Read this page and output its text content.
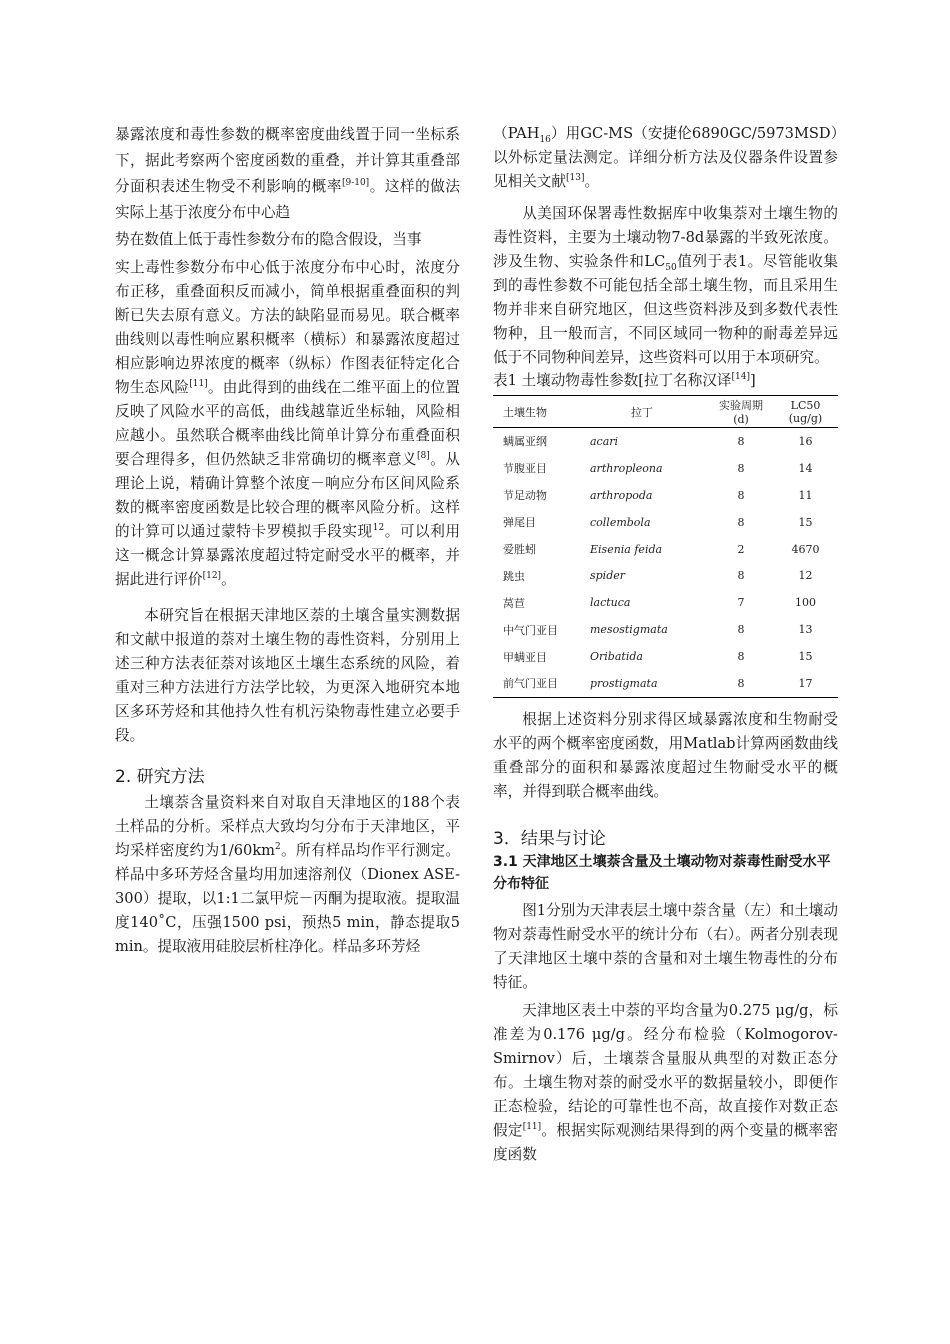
暴露浓度和毒性参数的概率密度曲线置于同一坐标系下，据此考察两个密度函数的重叠，并计算其重叠部分面积表述生物受不利影响的概率[9-10]。这样的做法实际上基于浓度分布中心趋

势在数值上低于毒性参数分布的隐含假设，当事

实上毒性参数分布中心低于浓度分布中心时，浓度分布正移，重叠面积反而减小，简单根据重叠面积的判断已失去原有意义。方法的缺陷显而易见。联合概率曲线则以毒性响应累积概率（横标）和暴露浓度超过相应影响边界浓度的概率（纵标）作图表征特定化合物生态风险[11]。由此得到的曲线在二维平面上的位置反映了风险水平的高低，曲线越靠近坐标轴，风险相应越小。虽然联合概率曲线比简单计算分布重叠面积要合理得多，但仍然缺乏非常确切的概率意义[8]。从理论上说，精确计算整个浓度－响应分布区间风险系数的概率密度函数是比较合理的概率风险分析。这样的计算可以通过蒙特卡罗模拟手段实现$^{12}$。可以利用这一概念计算暴露浓度超过特定耐受水平的概率，并据此进行评价[12]。

本研究旨在根据天津地区萘的土壤含量实测数据和文献中报道的萘对土壤生物的毒性资料，分别用上述三种方法表征萘对该地区土壤生态系统的风险，着重对三种方法进行方法学比较，为更深入地研究本地区多环芳烃和其他持久性有机污染物毒性建立必要手段。

2. 研究方法

土壤萘含量资料来自对取自天津地区的188个表土样品的分析。采样点大致均匀分布于天津地区，平均采样密度约为$1/60km^2$。所有样品均作平行测定。样品中多环芳烃含量均用加速溶剂仪（Dionex ASE-300）提取，以1:1二氯甲烷－丙酮为提取液。提取温度140˚C，压强1500 psi，预热5 min，静态提取5 min。提取液用硅胶层析柱净化。样品多环芳烃

$(PAH_{16})$用GC-MS（安捷伦6890GC/5973MSD）以外标定量法测定。详细分析方法及仪器条件设置参见相关文献[13]。

从美国环保署毒性数据库中收集萘对土壤生物的毒性资料，主要为土壤动物7-8d暴露的半致死浓度。涉及生物、实验条件和$LC_{50}$值列于表1。尽管能收集到的毒性参数不可能包括全部土壤生物，而且采用生物并非来自研究地区，但这些资料涉及到多数代表性物种，且一般而言，不同区域同一物种的耐毒差异远低于不同物种间差异，这些资料可以用于本项研究。

表1 土壤动物毒性参数[拉丁名称汉译[14]]
土壤生物	拉丁	实验周期 (d)	LC50 (ug/g)
螨属亚纲	acari	8	16
节腹亚目	arthropleona	8	14
节足动物	arthropoda	8	11
弹尾目	collembola	8	15
爱胜蚓	Eisenia feida	2	4670
跳虫	spider	8	12
莴苣	lactuca	7	100
中气门亚目	mesostigmata	8	13
甲螨亚目	Oribatida	8	15
前气门亚目	prostigmata	8	17

根据上述资料分别求得区域暴露浓度和生物耐受水平的两个概率密度函数，用Matlab计算两函数曲线重叠部分的面积和暴露浓度超过生物耐受水平的概率，并得到联合概率曲线。

3．结果与讨论
3.1 天津地区土壤萘含量及土壤动物对萘毒性耐受水平分布特征

图1分别为天津表层土壤中萘含量（左）和土壤动物对萘毒性耐受水平的统计分布（右）。两者分别表现了天津地区土壤中萘的含量和对土壤生物毒性的分布特征。

天津地区表土中萘的平均含量为0.275 μg/g，标准差为0.176 μg/g。经分布检验（Kolmogorov-Smirnov）后，土壤萘含量服从典型的对数正态分布。土壤生物对萘的耐受水平的数据量较小，即便作正态检验，结论的可靠性也不高，故直接作对数正态假定[11]。根据实际观测结果得到的两个变量的概率密度函数
